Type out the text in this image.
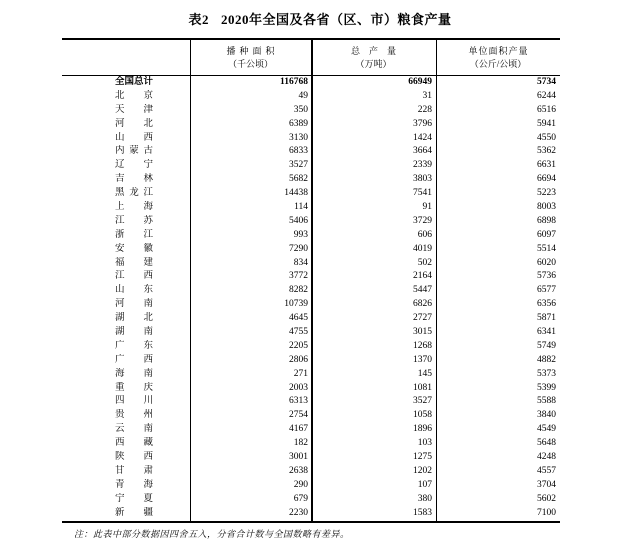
表2 2020年全国及各省（区、市）粮食产量
播种面积
（千公顷）
总产量
（万吨）
单位面积产量
（公斤/公顷）
全国总计	116768	66949	5734
北京	49	31	6244
天津	350	228	6516
河北	6389	3796	5941
山西	3130	1424	4550
内蒙古	6833	3664	5362
辽宁	3527	2339	6631
吉林	5682	3803	6694
黑龙江	14438	7541	5223
上海	114	91	8003
江苏	5406	3729	6898
浙江	993	606	6097
安徽	7290	4019	5514
福建	834	502	6020
江西	3772	2164	5736
山东	8282	5447	6577
河南	10739	6826	6356
湖北	4645	2727	5871
湖南	4755	3015	6341
广东	2205	1268	5749
广西	2806	1370	4882
海南	271	145	5373
重庆	2003	1081	5399
四川	6313	3527	5588
贵州	2754	1058	3840
云南	4167	1896	4549
西藏	182	103	5648
陕西	3001	1275	4248
甘肃	2638	1202	4557
青海	290	107	3704
宁夏	679	380	5602
新疆	2230	1583	7100
注：此表中部分数据因四舍五入，分省合计数与全国数略有差异。
